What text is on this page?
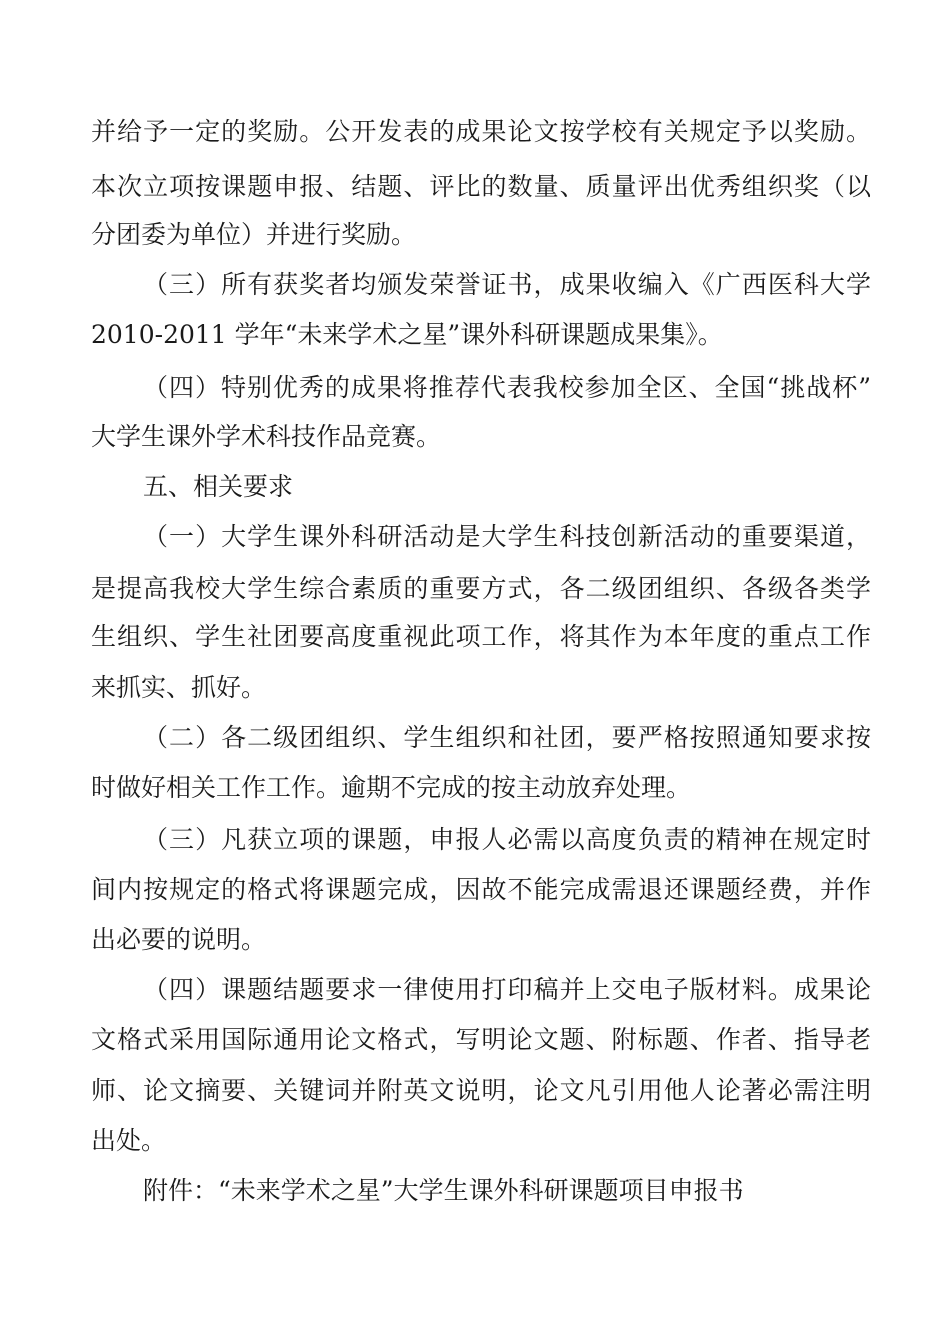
并给予一定的奖励。公开发表的成果论文按学校有关规定予以奖励。
本次立项按课题申报、结题、评比的数量、质量评出优秀组织奖（以
分团委为单位）并进行奖励。
（三）所有获奖者均颁发荣誉证书，成果收编入《广西医科大学
2010-2011 学年“未来学术之星”课外科研课题成果集》。
（四）特别优秀的成果将推荐代表我校参加全区、全国“挑战杯”
大学生课外学术科技作品竞赛。
五、相关要求
（一）大学生课外科研活动是大学生科技创新活动的重要渠道，
是提高我校大学生综合素质的重要方式，各二级团组织、各级各类学
生组织、学生社团要高度重视此项工作，将其作为本年度的重点工作
来抓实、抓好。
（二）各二级团组织、学生组织和社团，要严格按照通知要求按
时做好相关工作工作。逾期不完成的按主动放弃处理。
（三）凡获立项的课题，申报人必需以高度负责的精神在规定时
间内按规定的格式将课题完成，因故不能完成需退还课题经费，并作
出必要的说明。
（四）课题结题要求一律使用打印稿并上交电子版材料。成果论
文格式采用国际通用论文格式，写明论文题、附标题、作者、指导老
师、论文摘要、关键词并附英文说明，论文凡引用他人论著必需注明
出处。
附件：“未来学术之星”大学生课外科研课题项目申报书
